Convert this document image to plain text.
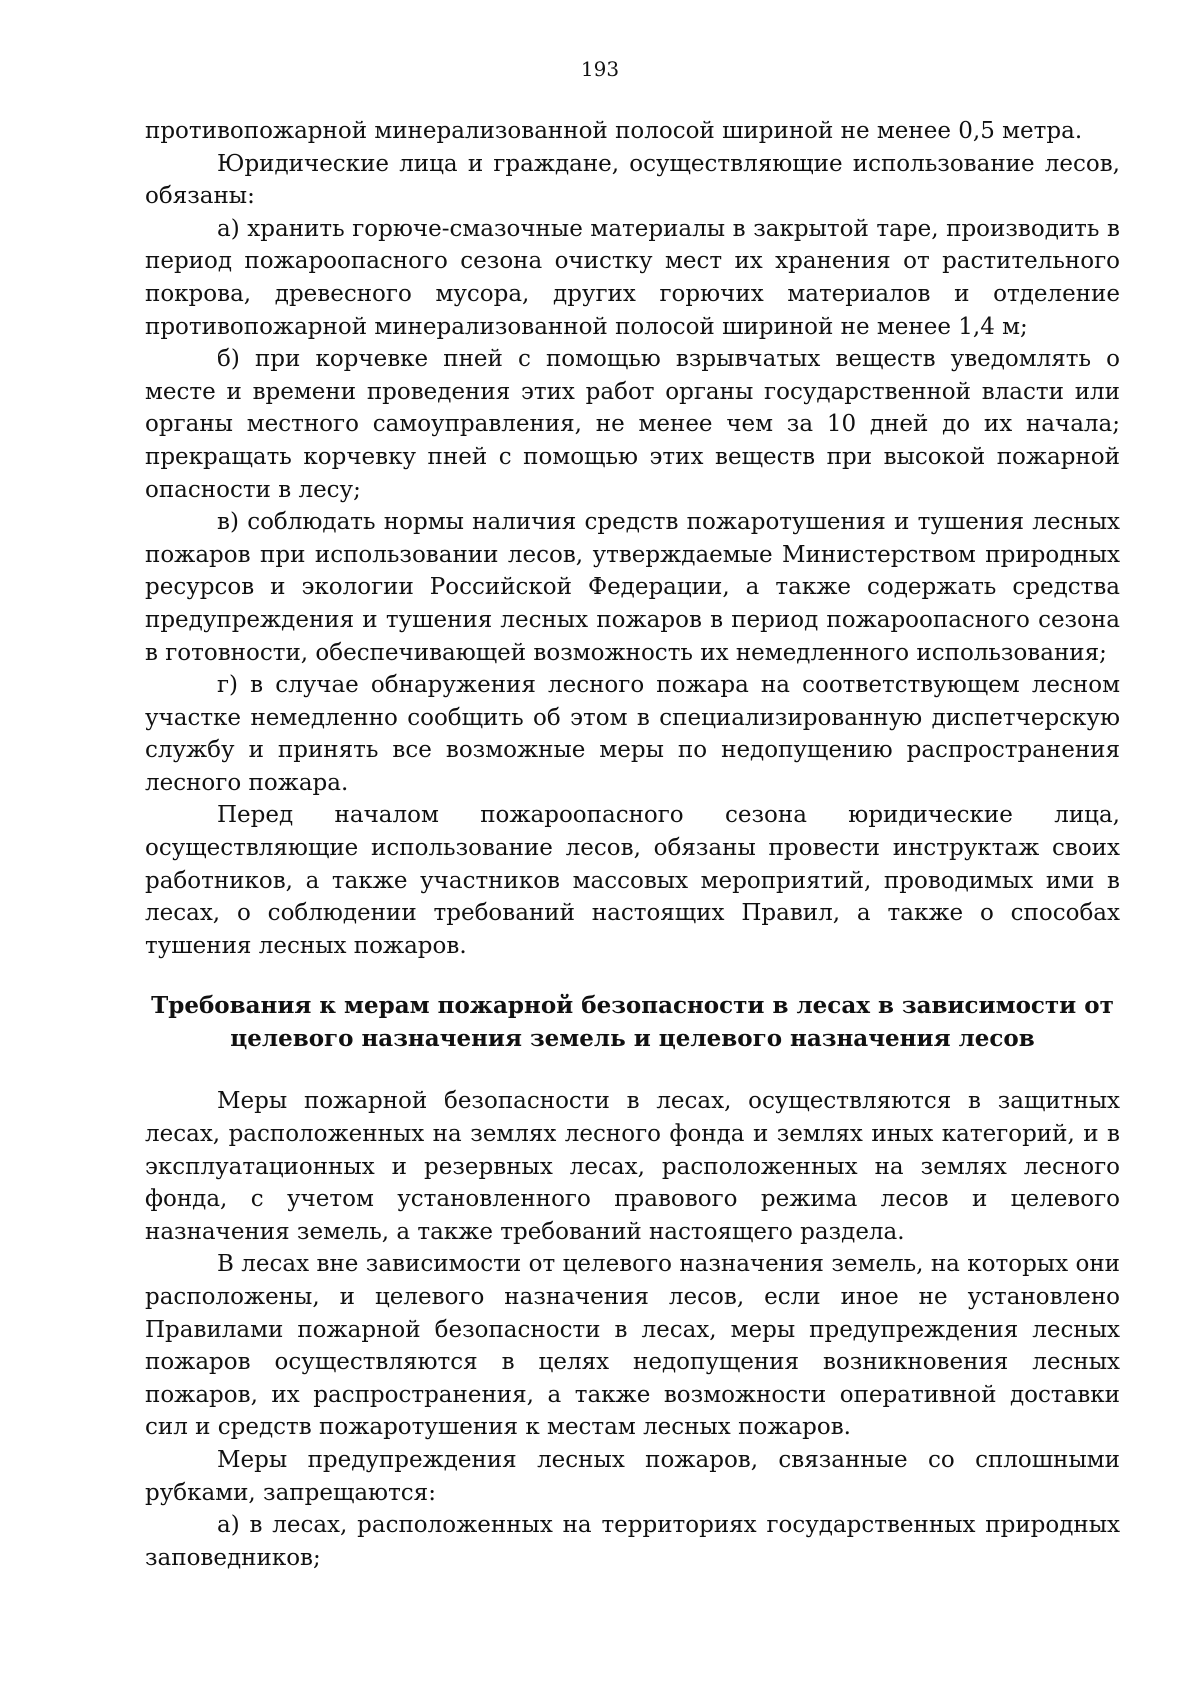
193

противопожарной минерализованной полосой шириной не менее 0,5 метра.

Юридические лица и граждане, осуществляющие использование лесов, обязаны:

а) хранить горюче-смазочные материалы в закрытой таре, производить в период пожароопасного сезона очистку мест их хранения от растительного покрова, древесного мусора, других горючих материалов и отделение противопожарной минерализованной полосой шириной не менее 1,4 м;

б) при корчевке пней с помощью взрывчатых веществ уведомлять о месте и времени проведения этих работ органы государственной власти или органы местного самоуправления, не менее чем за 10 дней до их начала; прекращать корчевку пней с помощью этих веществ при высокой пожарной опасности в лесу;

в) соблюдать нормы наличия средств пожаротушения и тушения лесных пожаров при использовании лесов, утверждаемые Министерством природных ресурсов и экологии Российской Федерации, а также содержать средства предупреждения и тушения лесных пожаров в период пожароопасного сезона в готовности, обеспечивающей возможность их немедленного использования;

г) в случае обнаружения лесного пожара на соответствующем лесном участке немедленно сообщить об этом в специализированную диспетчерскую службу и принять все возможные меры по недопущению распространения лесного пожара.

Перед началом пожароопасного сезона юридические лица, осуществляющие использование лесов, обязаны провести инструктаж своих работников, а также участников массовых мероприятий, проводимых ими в лесах, о соблюдении требований настоящих Правил, а также о способах тушения лесных пожаров.

Требования к мерам пожарной безопасности в лесах в зависимости от
целевого назначения земель и целевого назначения лесов

Меры пожарной безопасности в лесах, осуществляются в защитных лесах, расположенных на землях лесного фонда и землях иных категорий, и в эксплуатационных и резервных лесах, расположенных на землях лесного фонда, с учетом установленного правового режима лесов и целевого назначения земель, а также требований настоящего раздела.

В лесах вне зависимости от целевого назначения земель, на которых они расположены, и целевого назначения лесов, если иное не установлено Правилами пожарной безопасности в лесах, меры предупреждения лесных пожаров осуществляются в целях недопущения возникновения лесных пожаров, их распространения, а также возможности оперативной доставки сил и средств пожаротушения к местам лесных пожаров.

Меры предупреждения лесных пожаров, связанные со сплошными рубками, запрещаются:

а) в лесах, расположенных на территориях государственных природных заповедников;
